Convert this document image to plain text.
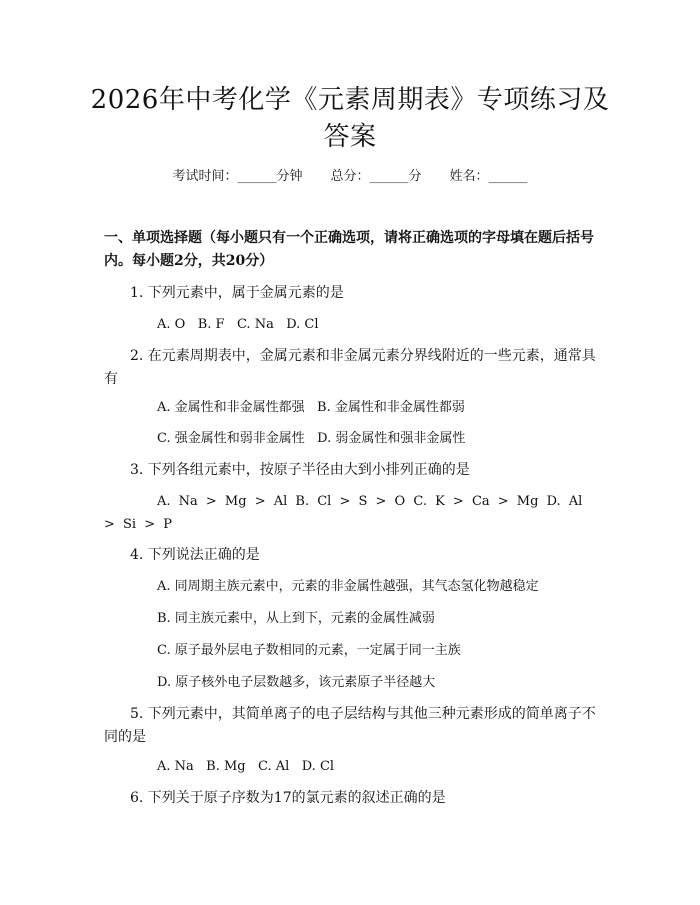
2026年中考化学《元素周期表》专项练习及答案
考试时间：______分钟 总分：______分 姓名：______

一、单项选择题（每小题只有一个正确选项，请将正确选项的字母填在题后括号内。每小题2分，共20分）

1. 下列元素中，属于金属元素的是

A. O   B. F   C. Na   D. Cl

2. 在元素周期表中，金属元素和非金属元素分界线附近的一些元素，通常具有

A. 金属性和非金属性都强   B. 金属性和非金属性都弱

C. 强金属性和弱非金属性   D. 弱金属性和强非金属性

3. 下列各组元素中，按原子半径由大到小排列正确的是

A. Na > Mg > Al B. Cl > S > O C. K > Ca > Mg D. Al > Si > P

4. 下列说法正确的是

A. 同周期主族元素中，元素的非金属性越强，其气态氢化物越稳定

B. 同主族元素中，从上到下，元素的金属性减弱

C. 原子最外层电子数相同的元素，一定属于同一主族

D. 原子核外电子层数越多，该元素原子半径越大

5. 下列元素中，其简单离子的电子层结构与其他三种元素形成的简单离子不同的是

A. Na   B. Mg   C. Al   D. Cl

6. 下列关于原子序数为17的氯元素的叙述正确的是
